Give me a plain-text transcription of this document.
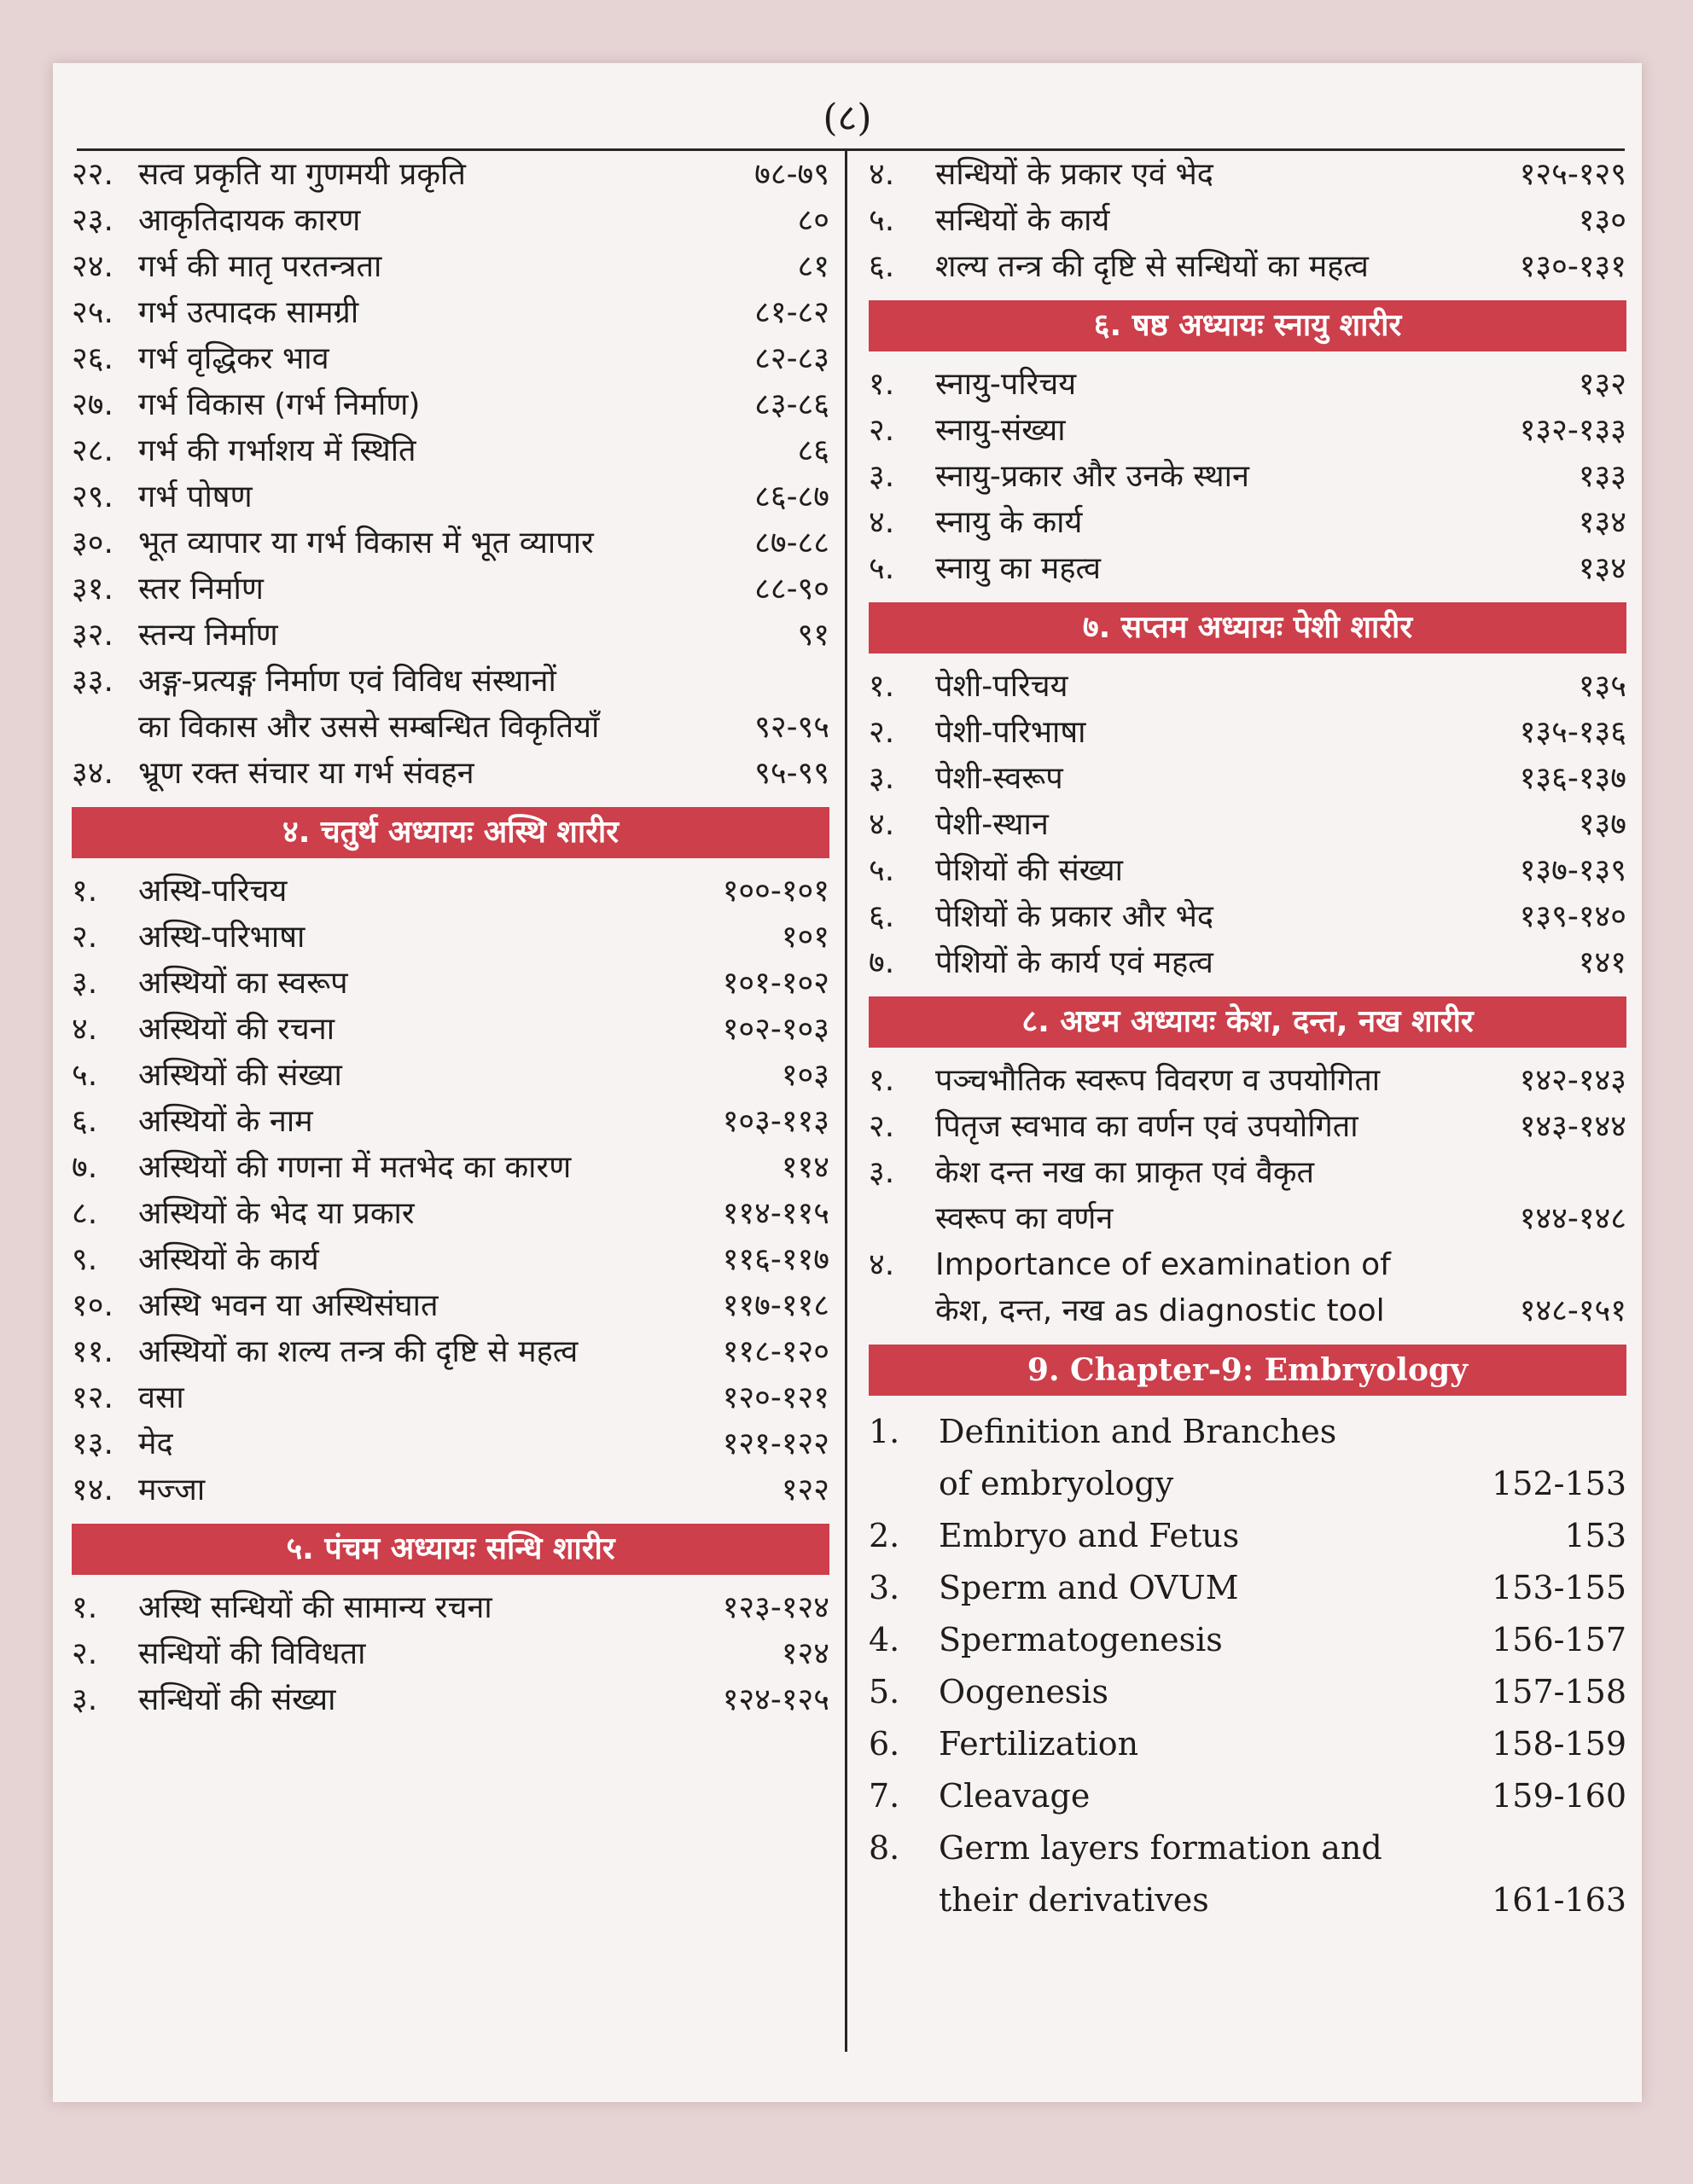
(८)
२२. सत्व प्रकृति या गुणमयी प्रकृति	७८-७९
२३. आकृतिदायक कारण	८०
२४. गर्भ की मातृ परतन्त्रता	८१
२५. गर्भ उत्पादक सामग्री	८१-८२
२६. गर्भ वृद्धिकर भाव	८२-८३
२७. गर्भ विकास (गर्भ निर्माण)	८३-८६
२८. गर्भ की गर्भाशय में स्थिति	८६
२९. गर्भ पोषण	८६-८७
३०. भूत व्यापार या गर्भ विकास में भूत व्यापार	८७-८८
३१. स्तर निर्माण	८८-९०
३२. स्तन्य निर्माण	९१
३३. अङ्ग-प्रत्यङ्ग निर्माण एवं विविध संस्थानों
का विकास और उससे सम्बन्धित विकृतियाँ	९२-९५
३४. भ्रूण रक्त संचार या गर्भ संवहन	९५-९९
४. चतुर्थ अध्यायः अस्थि शारीर
१.	अस्थि-परिचय	१००-१०१
२.	अस्थि-परिभाषा	१०१
३.	अस्थियों का स्वरूप	१०१-१०२
४.	अस्थियों की रचना	१०२-१०३
५.	अस्थियों की संख्या	१०३
६.	अस्थियों के नाम	१०३-११३
७.	अस्थियों की गणना में मतभेद का कारण	११४
८.	अस्थियों के भेद या प्रकार	११४-११५
९.	अस्थियों के कार्य	११६-११७
१०. अस्थि भवन या अस्थिसंघात	११७-११८
११. अस्थियों का शल्य तन्त्र की दृष्टि से महत्व	११८-१२०
१२. वसा	१२०-१२१
१३. मेद	१२१-१२२
१४. मज्जा	१२२
५. पंचम अध्यायः सन्धि शारीर
१.	अस्थि सन्धियों की सामान्य रचना	१२३-१२४
२.	सन्धियों की विविधता	१२४
३.	सन्धियों की संख्या	१२४-१२५
४.	सन्धियों के प्रकार एवं भेद	१२५-१२९
५.	सन्धियों के कार्य	१३०
६.	शल्य तन्त्र की दृष्टि से सन्धियों का महत्व	१३०-१३१
६. षष्ठ अध्यायः स्नायु शारीर
१.	स्नायु-परिचय	१३२
२.	स्नायु-संख्या	१३२-१३३
३.	स्नायु-प्रकार और उनके स्थान	१३३
४.	स्नायु के कार्य	१३४
५.	स्नायु का महत्व	१३४
७. सप्तम अध्यायः पेशी शारीर
१.	पेशी-परिचय	१३५
२.	पेशी-परिभाषा	१३५-१३६
३.	पेशी-स्वरूप	१३६-१३७
४.	पेशी-स्थान	१३७
५.	पेशियों की संख्या	१३७-१३९
६.	पेशियों के प्रकार और भेद	१३९-१४०
७.	पेशियों के कार्य एवं महत्व	१४१
८. अष्टम अध्यायः केश, दन्त, नख शारीर
१.	पञ्चभौतिक स्वरूप विवरण व उपयोगिता	१४२-१४३
२.	पितृज स्वभाव का वर्णन एवं उपयोगिता	१४३-१४४
३.	केश दन्त नख का प्राकृत एवं वैकृत
स्वरूप का वर्णन	१४४-१४८
४.	Importance of examination of
केश, दन्त, नख as diagnostic tool	१४८-१५१
9. Chapter-9: Embryology
1.	Definition and Branches
of embryology	152-153
2.	Embryo and Fetus	153
3.	Sperm and OVUM	153-155
4.	Spermatogenesis	156-157
5.	Oogenesis	157-158
6.	Fertilization	158-159
7.	Cleavage	159-160
8.	Germ layers formation and
their derivatives	161-163
